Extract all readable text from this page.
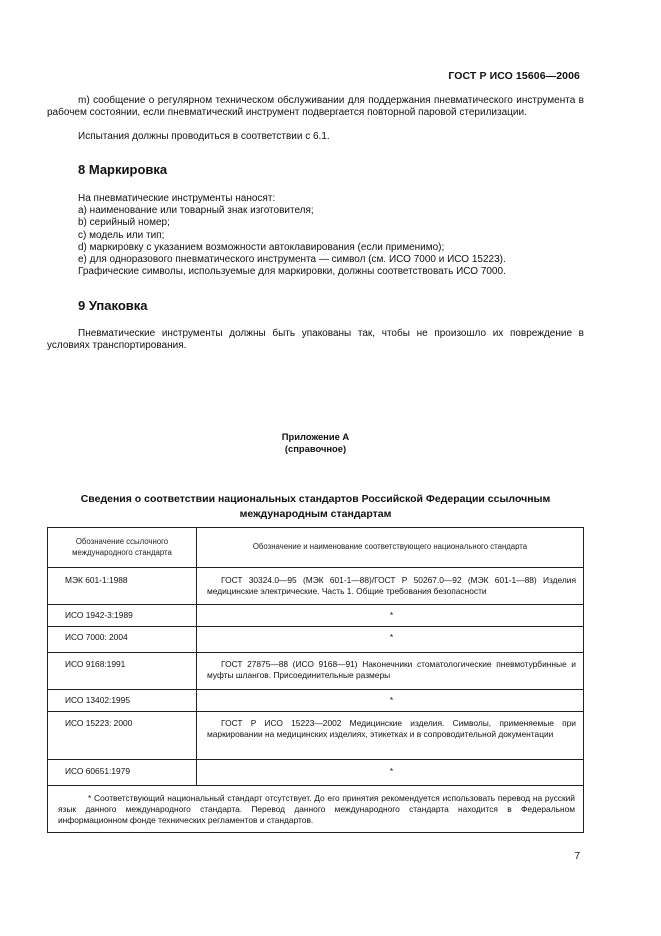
ГОСТ Р ИСО 15606—2006
m) сообщение о регулярном техническом обслуживании для поддержания пневматического инструмента в рабочем состоянии, если пневматический инструмент подвергается повторной паровой стерилизации.
Испытания должны проводиться в соответствии с 6.1.
8 Маркировка
На пневматические инструменты наносят:
а) наименование или товарный знак изготовителя;
b) серийный номер;
c) модель или тип;
d) маркировку с указанием возможности автоклавирования (если применимо);
e) для одноразового пневматического инструмента — символ (см. ИСО 7000 и ИСО 15223).
Графические символы, используемые для маркировки, должны соответствовать ИСО 7000.
9 Упаковка
Пневматические инструменты должны быть упакованы так, чтобы не произошло их повреждение в условиях транспортирования.
Приложение А
(справочное)
Сведения о соответствии национальных стандартов Российской Федерации ссылочным
международным стандартам
Обозначение ссылочного международного стандарта	Обозначение и наименование соответствующего национального стандарта
МЭК 601-1:1988	ГОСТ 30324.0—95 (МЭК 601-1—88)/ГОСТ Р 50267.0—92 (МЭК 601-1—88) Изделия медицинские электрические. Часть 1. Общие требования безопасности
ИСО 1942-3:1989	*
ИСО 7000: 2004	*
ИСО 9168:1991	ГОСТ 27875—88 (ИСО 9168—91) Наконечники стоматологические пневмотурбинные и муфты шлангов. Присоединительные размеры
ИСО 13402:1995	*
ИСО 15223: 2000	ГОСТ Р ИСО 15223—2002 Медицинские изделия. Символы, применяемые при маркировании на медицинских изделиях, этикетках и в сопроводительной документации
ИСО 60651:1979	*
* Соответствующий национальный стандарт отсутствует. До его принятия рекомендуется использовать перевод на русский язык данного международного стандарта. Перевод данного международного стандарта находится в Федеральном информационном фонде технических регламентов и стандартов.	
7
